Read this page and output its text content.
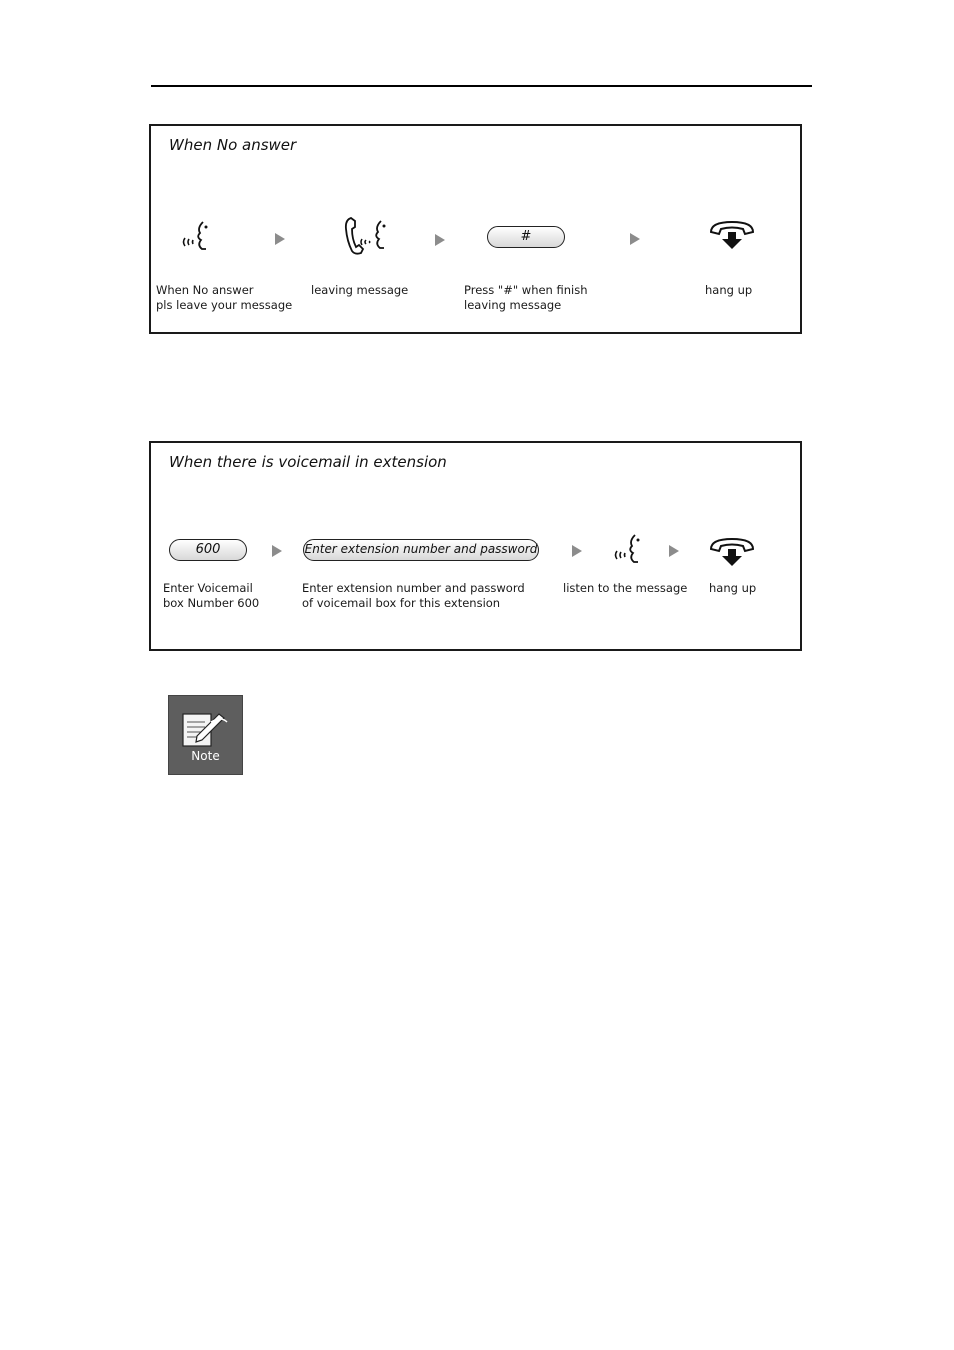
When No answer
#
When No answer
pls leave your message
leaving message	Press "#" when finish
leaving message
hang up
When there is voicemail in extension
600	Enter extension number and password
Enter Voicemail
box Number 600
Enter extension number and password
of voicemail box for this extension
listen to the message hang up
Note
